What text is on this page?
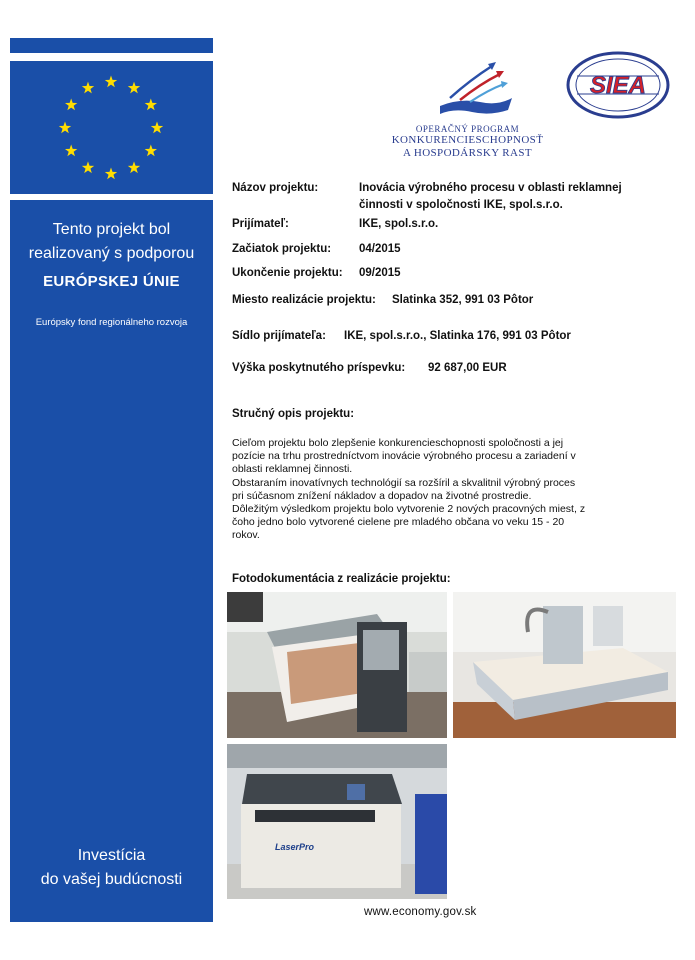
Tento projekt bol
realizovaný s podporou
EURÓPSKEJ ÚNIE
Európsky fond regionálneho rozvoja
Investícia
do vašej budúcnosti
OPERAČNÝ PROGRAM
KONKURENCIESCHOPNOSŤ
A HOSPODÁRSKY RAST
SIEA
Názov projektu:	Inovácia výrobného procesu v oblasti reklamnej
činnosti v spoločnosti IKE, spol.s.r.o.
Prijímateľ:	IKE, spol.s.r.o.
Začiatok projektu: 04/2015
Ukončenie projektu: 09/2015
Miesto realizácie projektu: Slatinka 352, 991 03 Pôtor
Sídlo prijímateľa: IKE, spol.s.r.o., Slatinka 176, 991 03 Pôtor
Výška poskytnutého príspevku: 92 687,00 EUR
Stručný opis projektu:

Cieľom projektu bolo zlepšenie konkurencieschopnosti spoločnosti a jej

pozície na trhu prostredníctvom inovácie výrobného procesu a zariadení v

oblasti reklamnej činnosti.

Obstaraním inovatívnych technológií sa rozšíril a skvalitnil výrobný proces

pri súčasnom znížení nákladov a dopadov na životné prostredie.

Dôležitým výsledkom projektu bolo vytvorenie 2 nových pracovných miest, z

čoho jedno bolo vytvorené cielene pre mladého občana vo veku 15 - 20

rokov.

Fotodokumentácia z realizácie projektu:
LaserPro
www.economy.gov.sk
